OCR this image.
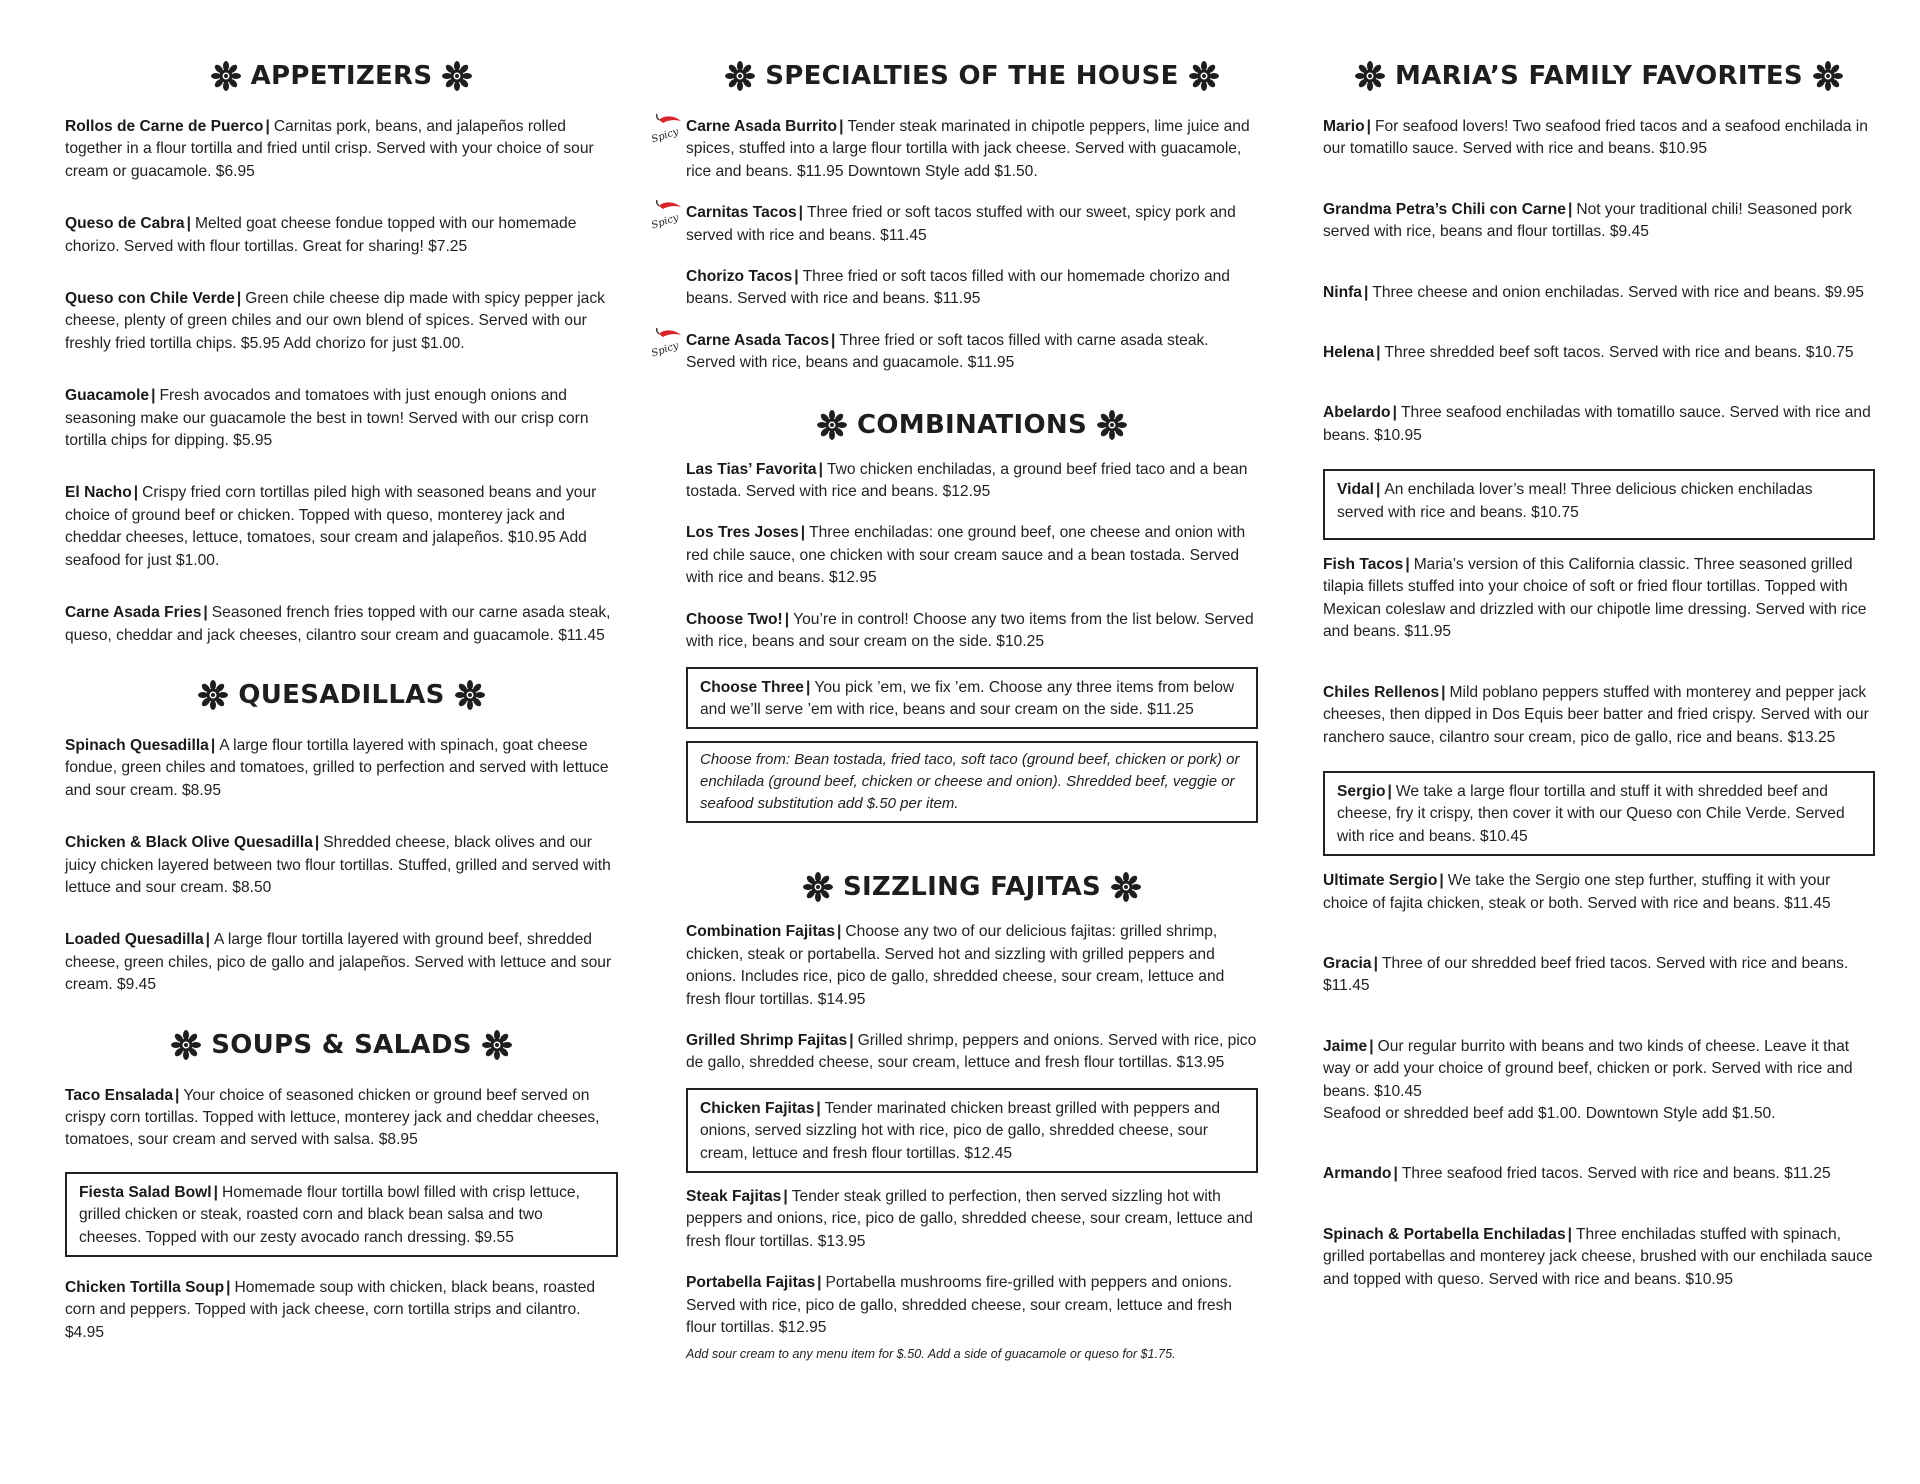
APPETIZERS
Rollos de Carne de Puerco | Carnitas pork, beans, and jalapeños rolled together in a flour tortilla and fried until crisp. Served with your choice of sour cream or guacamole. $6.95
Queso de Cabra | Melted goat cheese fondue topped with our homemade chorizo. Served with flour tortillas. Great for sharing! $7.25
Queso con Chile Verde | Green chile cheese dip made with spicy pepper jack cheese, plenty of green chiles and our own blend of spices. Served with our freshly fried tortilla chips. $5.95 Add chorizo for just $1.00.
Guacamole | Fresh avocados and tomatoes with just enough onions and seasoning make our guacamole the best in town! Served with our crisp corn tortilla chips for dipping. $5.95
El Nacho | Crispy fried corn tortillas piled high with seasoned beans and your choice of ground beef or chicken. Topped with queso, monterey jack and cheddar cheeses, lettuce, tomatoes, sour cream and jalapeños. $10.95 Add seafood for just $1.00.
Carne Asada Fries | Seasoned french fries topped with our carne asada steak, queso, cheddar and jack cheeses, cilantro sour cream and guacamole. $11.45
QUESADILLAS
Spinach Quesadilla | A large flour tortilla layered with spinach, goat cheese fondue, green chiles and tomatoes, grilled to perfection and served with lettuce and sour cream. $8.95
Chicken & Black Olive Quesadilla | Shredded cheese, black olives and our juicy chicken layered between two flour tortillas. Stuffed, grilled and served with lettuce and sour cream. $8.50
Loaded Quesadilla | A large flour tortilla layered with ground beef, shredded cheese, green chiles, pico de gallo and jalapeños. Served with lettuce and sour cream. $9.45
SOUPS & SALADS
Taco Ensalada | Your choice of seasoned chicken or ground beef served on crispy corn tortillas. Topped with lettuce, monterey jack and cheddar cheeses, tomatoes, sour cream and served with salsa. $8.95
Fiesta Salad Bowl | Homemade flour tortilla bowl filled with crisp lettuce, grilled chicken or steak, roasted corn and black bean salsa and two cheeses. Topped with our zesty avocado ranch dressing. $9.55
Chicken Tortilla Soup | Homemade soup with chicken, black beans, roasted corn and peppers. Topped with jack cheese, corn tortilla strips and cilantro. $4.95
SPECIALTIES OF THE HOUSE
Spicy Carne Asada Burrito | Tender steak marinated in chipotle peppers, lime juice and spices, stuffed into a large flour tortilla with jack cheese. Served with guacamole, rice and beans. $11.95 Downtown Style add $1.50.
Spicy Carnitas Tacos | Three fried or soft tacos stuffed with our sweet, spicy pork and served with rice and beans. $11.45
Chorizo Tacos | Three fried or soft tacos filled with our homemade chorizo and beans. Served with rice and beans. $11.95
Spicy Carne Asada Tacos | Three fried or soft tacos filled with carne asada steak. Served with rice, beans and guacamole. $11.95
COMBINATIONS
Las Tias’ Favorita | Two chicken enchiladas, a ground beef fried taco and a bean tostada. Served with rice and beans. $12.95
Los Tres Joses | Three enchiladas: one ground beef, one cheese and onion with red chile sauce, one chicken with sour cream sauce and a bean tostada. Served with rice and beans. $12.95
Choose Two! | You’re in control! Choose any two items from the list below. Served with rice, beans and sour cream on the side. $10.25
Choose Three | You pick ’em, we fix ’em. Choose any three items from below and we’ll serve ’em with rice, beans and sour cream on the side. $11.25
Choose from: Bean tostada, fried taco, soft taco (ground beef, chicken or pork) or enchilada (ground beef, chicken or cheese and onion). Shredded beef, veggie or seafood substitution add $.50 per item.
SIZZLING FAJITAS
Combination Fajitas | Choose any two of our delicious fajitas: grilled shrimp, chicken, steak or portabella. Served hot and sizzling with grilled peppers and onions. Includes rice, pico de gallo, shredded cheese, sour cream, lettuce and fresh flour tortillas. $14.95
Grilled Shrimp Fajitas | Grilled shrimp, peppers and onions. Served with rice, pico de gallo, shredded cheese, sour cream, lettuce and fresh flour tortillas. $13.95
Chicken Fajitas | Tender marinated chicken breast grilled with peppers and onions, served sizzling hot with rice, pico de gallo, shredded cheese, sour cream, lettuce and fresh flour tortillas. $12.45
Steak Fajitas | Tender steak grilled to perfection, then served sizzling hot with peppers and onions, rice, pico de gallo, shredded cheese, sour cream, lettuce and fresh flour tortillas. $13.95
Portabella Fajitas | Portabella mushrooms fire-grilled with peppers and onions. Served with rice, pico de gallo, shredded cheese, sour cream, lettuce and fresh flour tortillas. $12.95
Add sour cream to any menu item for $.50. Add a side of guacamole or queso for $1.75.
MARIA’S FAMILY FAVORITES
Mario | For seafood lovers! Two seafood fried tacos and a seafood enchilada in our tomatillo sauce. Served with rice and beans. $10.95
Grandma Petra’s Chili con Carne | Not your traditional chili! Seasoned pork served with rice, beans and flour tortillas. $9.45
Ninfa | Three cheese and onion enchiladas. Served with rice and beans. $9.95
Helena | Three shredded beef soft tacos. Served with rice and beans. $10.75
Abelardo | Three seafood enchiladas with tomatillo sauce. Served with rice and beans. $10.95
Vidal | An enchilada lover’s meal! Three delicious chicken enchiladas served with rice and beans. $10.75
Fish Tacos | Maria’s version of this California classic. Three seasoned grilled tilapia fillets stuffed into your choice of soft or fried flour tortillas. Topped with Mexican coleslaw and drizzled with our chipotle lime dressing. Served with rice and beans. $11.95
Chiles Rellenos | Mild poblano peppers stuffed with monterey and pepper jack cheeses, then dipped in Dos Equis beer batter and fried crispy. Served with our ranchero sauce, cilantro sour cream, pico de gallo, rice and beans. $13.25
Sergio | We take a large flour tortilla and stuff it with shredded beef and cheese, fry it crispy, then cover it with our Queso con Chile Verde. Served with rice and beans. $10.45
Ultimate Sergio | We take the Sergio one step further, stuffing it with your choice of fajita chicken, steak or both. Served with rice and beans. $11.45
Gracia | Three of our shredded beef fried tacos. Served with rice and beans. $11.45
Jaime | Our regular burrito with beans and two kinds of cheese. Leave it that way or add your choice of ground beef, chicken or pork. Served with rice and beans. $10.45
Seafood or shredded beef add $1.00. Downtown Style add $1.50.
Armando | Three seafood fried tacos. Served with rice and beans. $11.25
Spinach & Portabella Enchiladas | Three enchiladas stuffed with spinach, grilled portabellas and monterey jack cheese, brushed with our enchilada sauce and topped with queso. Served with rice and beans. $10.95
